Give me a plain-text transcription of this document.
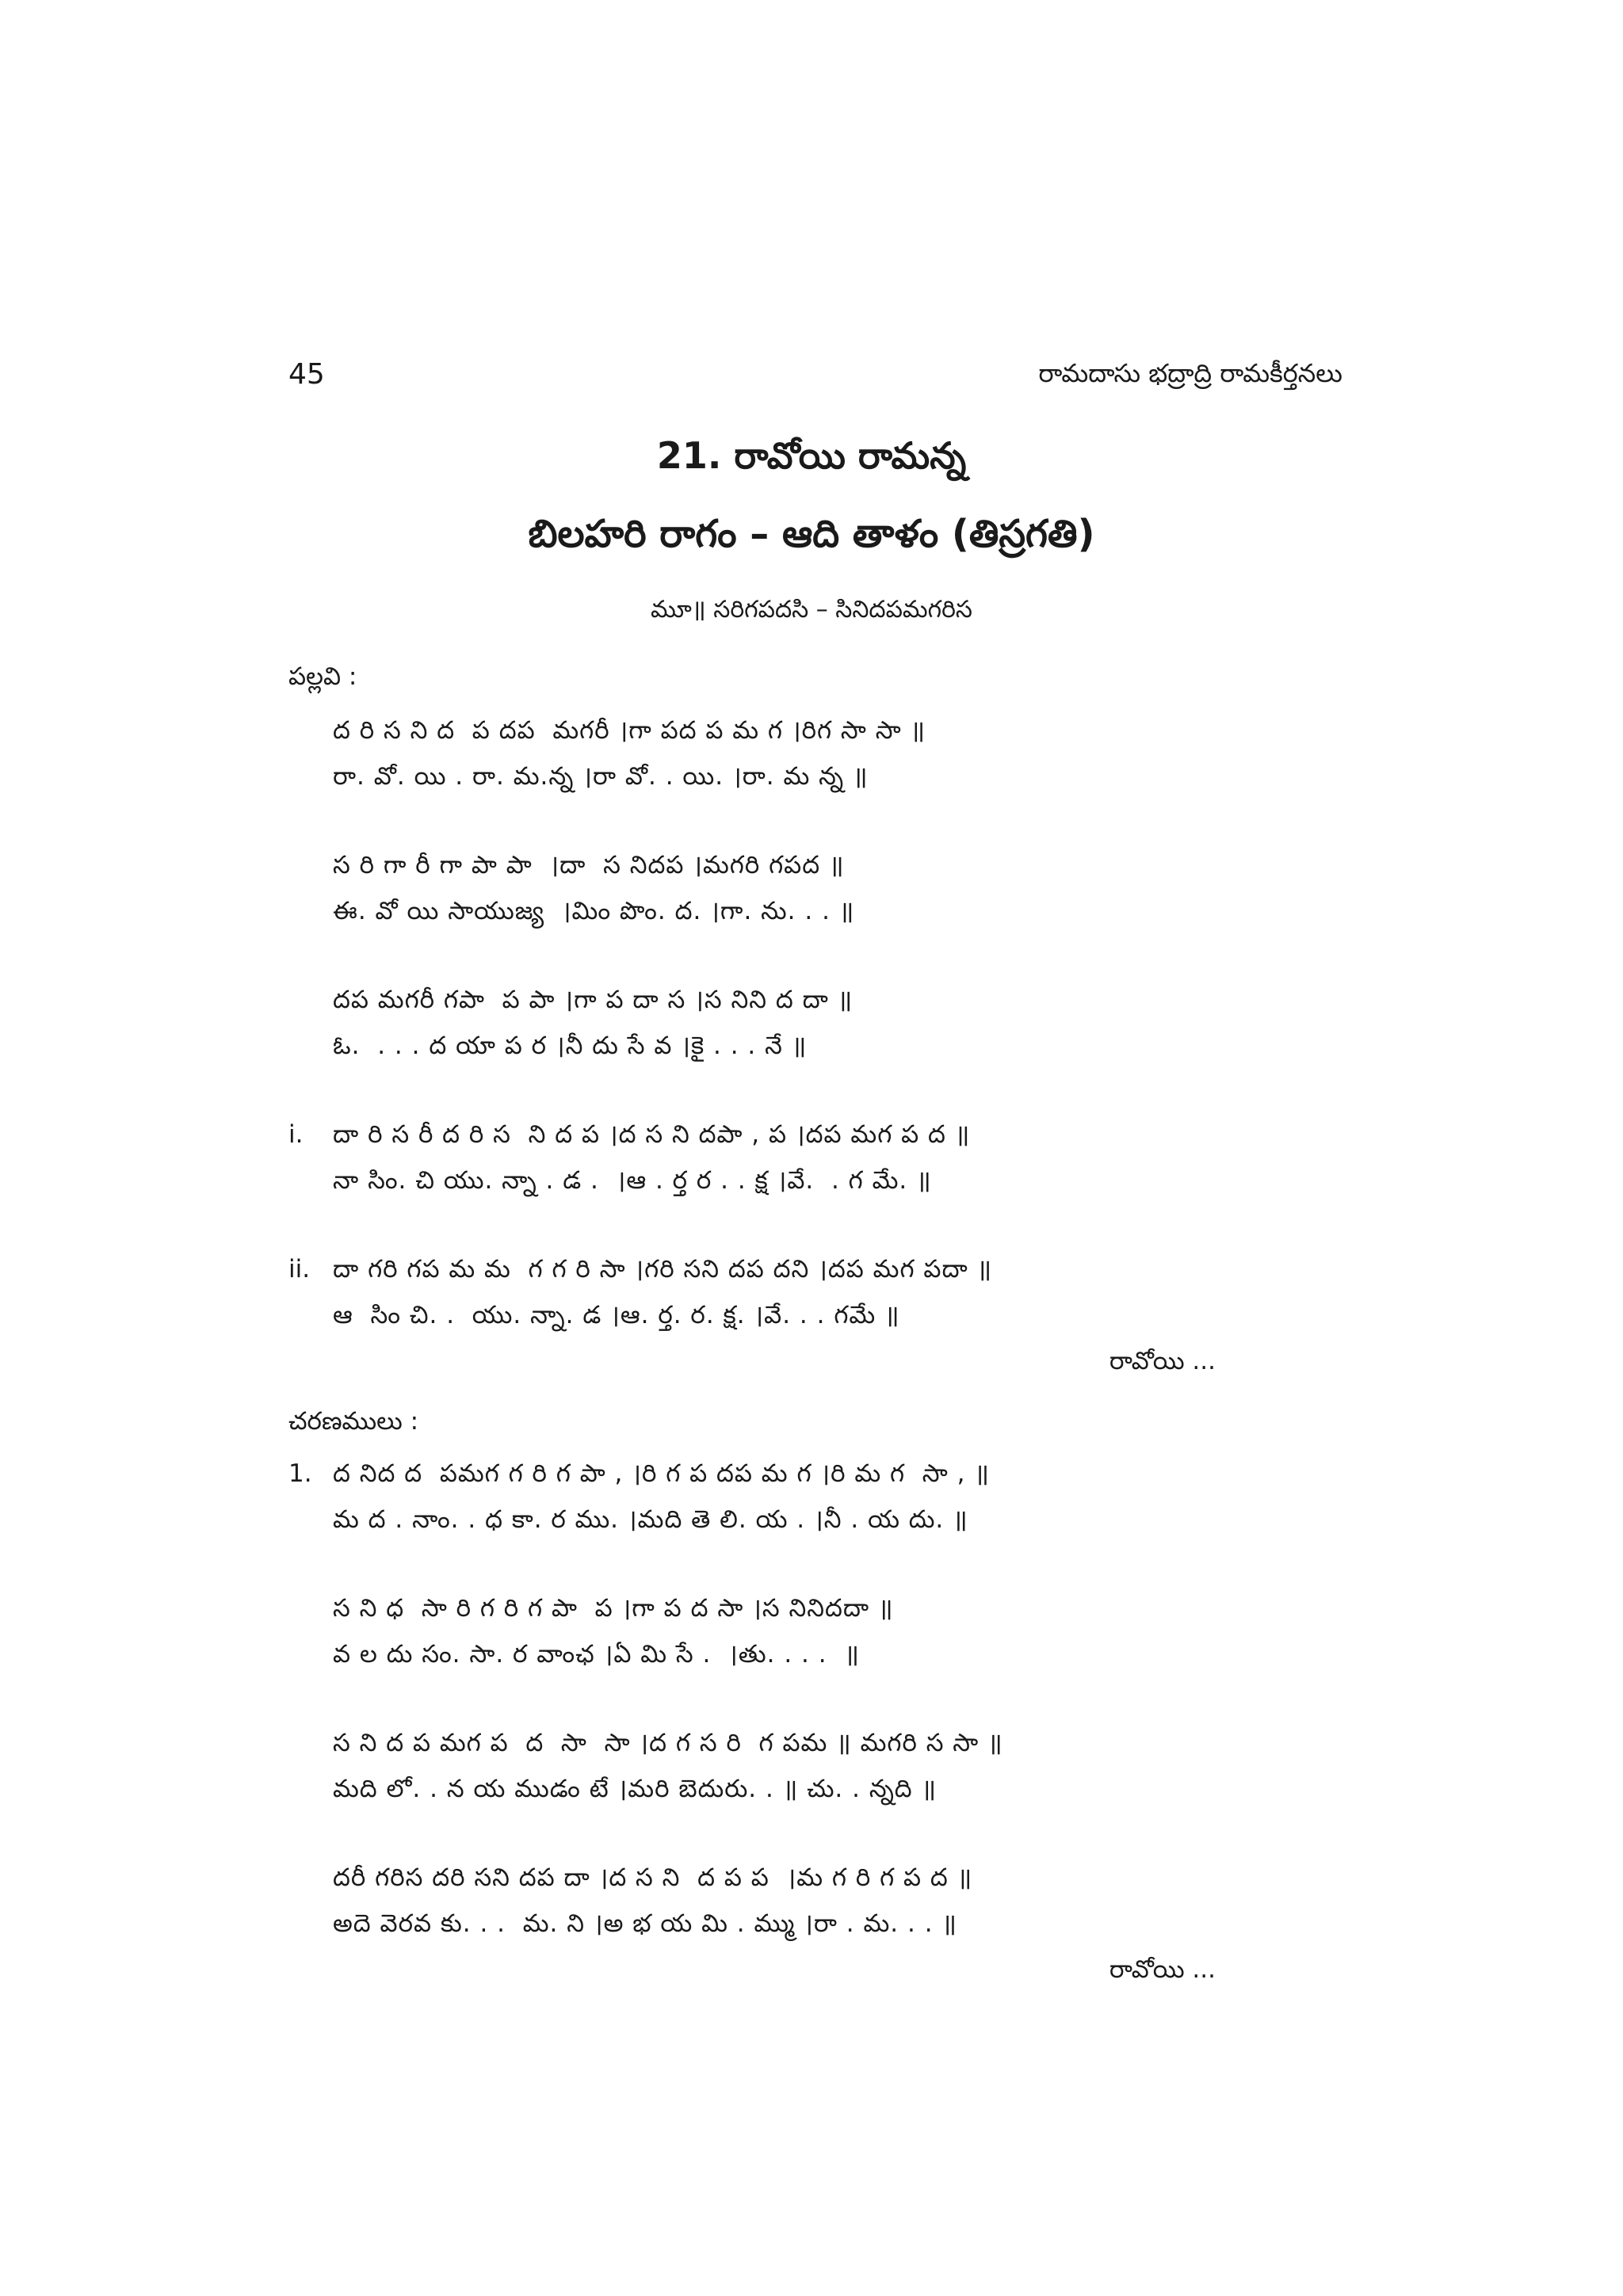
45	రామదాసు భద్రాద్రి రామకీర్తనలు
21. రావోయి రామన్న
బిలహరి రాగం – ఆది తాళం (తిస్రగతి)
మూ॥ సరిగపదసి – సినిదపమగరిస
పల్లవి :
ద రి స ని ద  ప దప  మగరీ ।గా పద ప మ గ ।రిగ సా సా ॥
రా. వో. యి . రా. మ.న్న ।రా వో. . యి. ।రా. మ న్న ॥
స రి గా రీ గా పా పా  ।దా  స నిదప ।మగరి గపద ॥
ఈ. వో యి సాయుజ్య  ।మిం పొం. ద. ।గా. ను. . . ॥
దప మగరీ గపా  ప పా ।గా ప దా స ।స నిని ద దా ॥
ఓ.  . . . ద యా ప ర ।నీ దు సే వ ।కై . . . నే ॥
i. దా రి స రీ ద రి స  ని ద ప ।ద స ని దపా , ప ।దప మగ ప ద ॥
నా సిం. చి యు. న్నా . డ .  ।ఆ . ర్త ర . . క్ష ।వే.  . గ మే. ॥
ii. దా గరి గప మ మ  గ గ రి సా ।గరి సని దప దని ।దప మగ పదా ॥
ఆ  సిం చి. .  యు. న్నా. డ ।ఆ. ర్త. ర. క్ష. ।వే. . . గమే ॥
రావోయి ...
చరణములు :
1. ద నిద ద  పమగ గ రి గ పా , ।రి గ ప దప మ గ ।రి మ గ  సా , ॥
మ ద . నాం. . ధ కా. ర ము. ।మది తె లి. య . ।నీ . య దు. ॥
స ని ధ  సా రి గ రి గ పా  ప ।గా ప ద సా ।స నినిదదా ॥
వ ల దు సం. సా. ర వాంఛ ।ఏ మి సే .  ।తు. . . .  ॥
స ని ద ప మగ ప  ద  సా  సా ।ద గ స రి  గ పమ ॥ మగరి స సా ॥
మది లో. . న య ముడం టే ।మరి బెదురు. . ॥ చు. . న్నది ॥
దరీ గరిస దరి సని దప దా ।ద స ని  ద ప ప  ।మ గ రి గ ప ద ॥
అదె వెరవ కు. . .  మ. ని ।అ భ య మి . మ్ము ।రా . మ. . . ॥
రావోయి ...
